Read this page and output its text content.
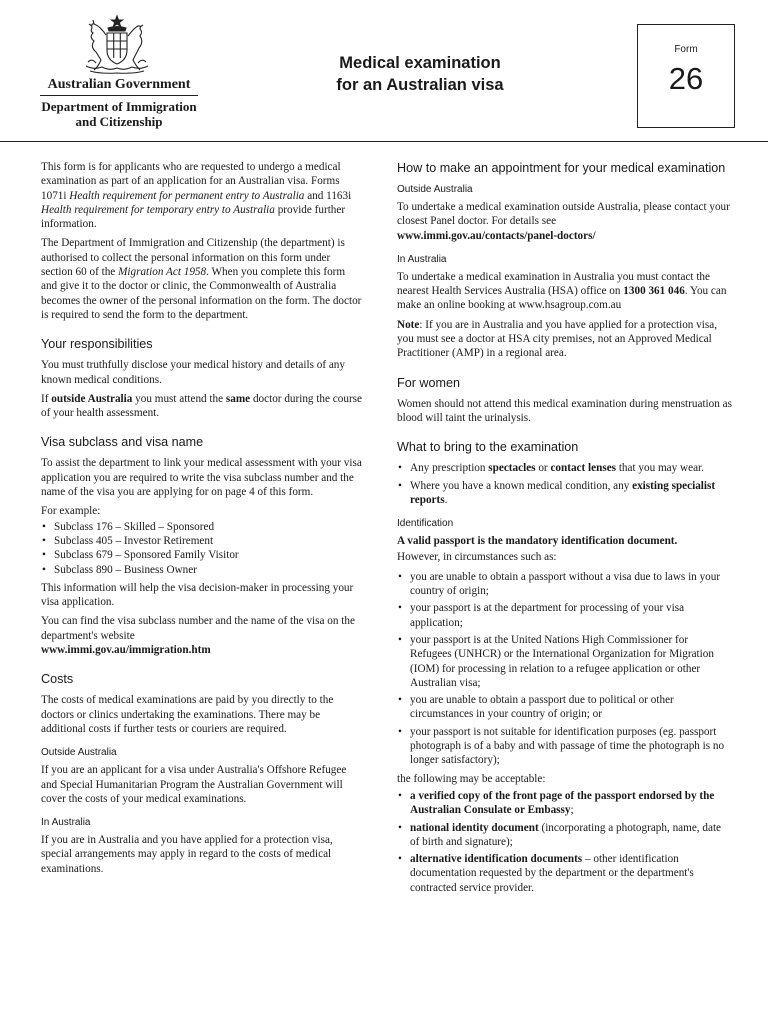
Australian Government
Department of Immigration
and Citizenship
Medical examination
for an Australian visa
Form
26

This form is for applicants who are requested to undergo a medical examination as part of an application for an Australian visa. Forms 1071i Health requirement for permanent entry to Australia and 1163i Health requirement for temporary entry to Australia provide further information.

The Department of Immigration and Citizenship (the department) is authorised to collect the personal information on this form under section 60 of the Migration Act 1958. When you complete this form and give it to the doctor or clinic, the Commonwealth of Australia becomes the owner of the personal information on the form. The doctor is required to send the form to the department.

Your responsibilities

You must truthfully disclose your medical history and details of any known medical conditions.

If outside Australia you must attend the same doctor during the course of your health assessment.

Visa subclass and visa name

To assist the department to link your medical assessment with your visa application you are required to write the visa subclass number and the name of the visa you are applying for on page 4 of this form.

For example:

• Subclass 176 – Skilled – Sponsored
• Subclass 405 – Investor Retirement
• Subclass 679 – Sponsored Family Visitor
• Subclass 890 – Business Owner

This information will help the visa decision-maker in processing your visa application.

You can find the visa subclass number and the name of the visa on the department's website

www.immi.gov.au/immigration.htm

Costs

The costs of medical examinations are paid by you directly to the doctors or clinics undertaking the examinations. There may be additional costs if further tests or couriers are required.

Outside Australia

If you are an applicant for a visa under Australia's Offshore Refugee and Special Humanitarian Program the Australian Government will cover the costs of your medical examinations.

In Australia

If you are in Australia and you have applied for a protection visa, special arrangements may apply in regard to the costs of medical examinations.

How to make an appointment for your medical examination
Outside Australia

To undertake a medical examination outside Australia, please contact your closest Panel doctor. For details see

www.immi.gov.au/contacts/panel-doctors/

In Australia

To undertake a medical examination in Australia you must contact the nearest Health Services Australia (HSA) office on 1300 361 046. You can make an online booking at www.hsagroup.com.au

Note: If you are in Australia and you have applied for a protection visa, you must see a doctor at HSA city premises, not an Approved Medical Practitioner (AMP) in a regional area.

For women

Women should not attend this medical examination during menstruation as blood will taint the urinalysis.

What to bring to the examination
• Any prescription spectacles or contact lenses that you may wear.
• Where you have a known medical condition, any existing specialist reports.
Identification

A valid passport is the mandatory identification document.

However, in circumstances such as:

• you are unable to obtain a passport without a visa due to laws in your country of origin;
• your passport is at the department for processing of your visa application;
• your passport is at the United Nations High Commissioner for Refugees (UNHCR) or the International Organization for Migration (IOM) for processing in relation to a refugee application or other Australian visa;
• you are unable to obtain a passport due to political or other circumstances in your country of origin; or
• your passport is not suitable for identification purposes (eg. passport photograph is of a baby and with passage of time the photograph is no longer satisfactory);

the following may be acceptable:

• a verified copy of the front page of the passport endorsed by the Australian Consulate or Embassy;
• national identity document (incorporating a photograph, name, date of birth and signature);
• alternative identification documents – other identification documentation requested by the department or the department's contracted service provider.
